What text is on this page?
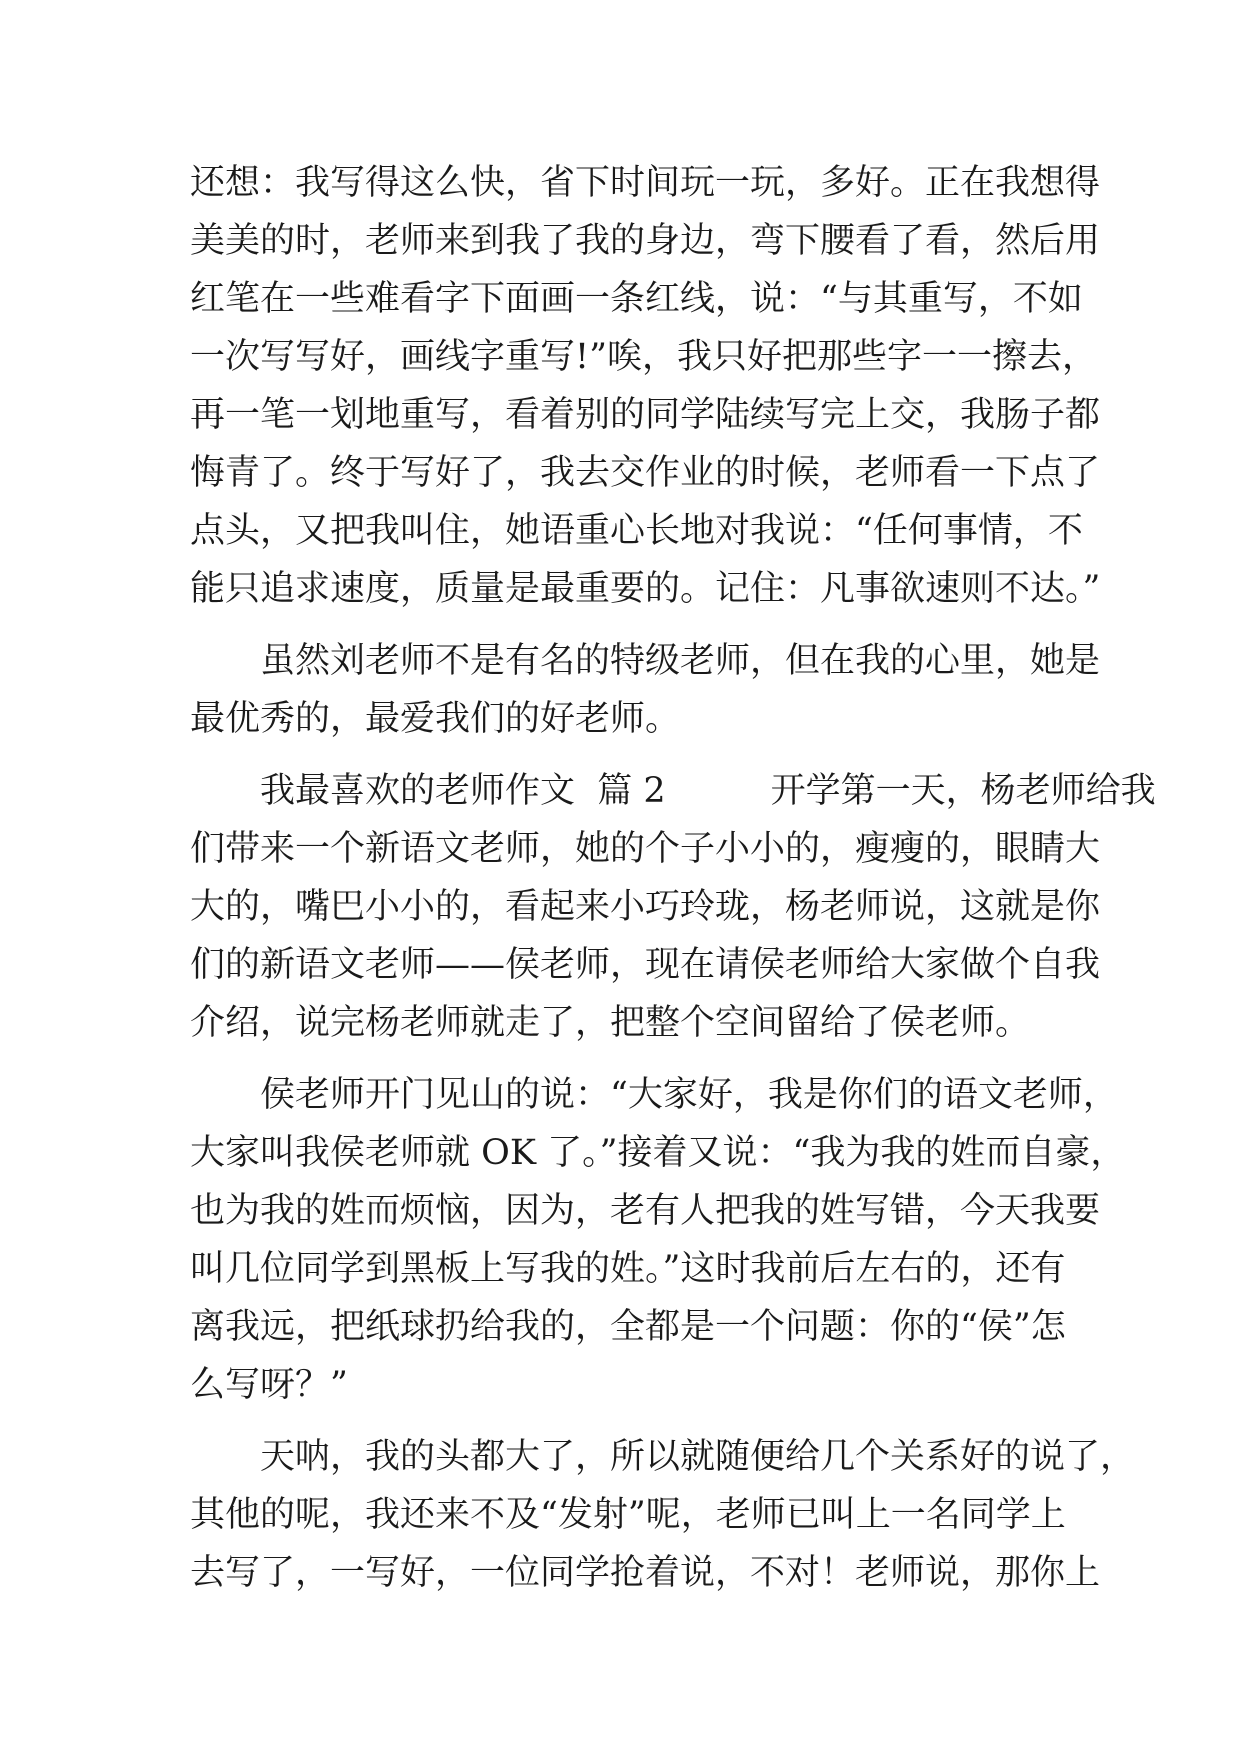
还想：我写得这么快，省下时间玩一玩，多好。正在我想得
美美的时，老师来到我了我的身边，弯下腰看了看，然后用
红笔在一些难看字下面画一条红线，说：“与其重写，不如
一次写写好，画线字重写!”唉，我只好把那些字一一擦去，
再一笔一划地重写，看着别的同学陆续写完上交，我肠子都
悔青了。终于写好了，我去交作业的时候，老师看一下点了
点头，又把我叫住，她语重心长地对我说：“任何事情，不
能只追求速度，质量是最重要的。记住：凡事欲速则不达。”
　　虽然刘老师不是有名的特级老师，但在我的心里，她是
最优秀的，最爱我们的好老师。
　　我最喜欢的老师作文  篇 2　　　开学第一天，杨老师给我
们带来一个新语文老师，她的个子小小的，瘦瘦的，眼睛大
大的，嘴巴小小的，看起来小巧玲珑，杨老师说，这就是你
们的新语文老师——侯老师，现在请侯老师给大家做个自我
介绍，说完杨老师就走了，把整个空间留给了侯老师。
　　侯老师开门见山的说：“大家好，我是你们的语文老师，
大家叫我侯老师就 OK 了。”接着又说：“我为我的姓而自豪，
也为我的姓而烦恼，因为，老有人把我的姓写错，今天我要
叫几位同学到黑板上写我的姓。”这时我前后左右的，还有
离我远，把纸球扔给我的，全都是一个问题：你的“侯”怎
么写呀？”
　　天呐，我的头都大了，所以就随便给几个关系好的说了，
其他的呢，我还来不及“发射”呢，老师已叫上一名同学上
去写了，一写好，一位同学抢着说，不对！老师说，那你上
